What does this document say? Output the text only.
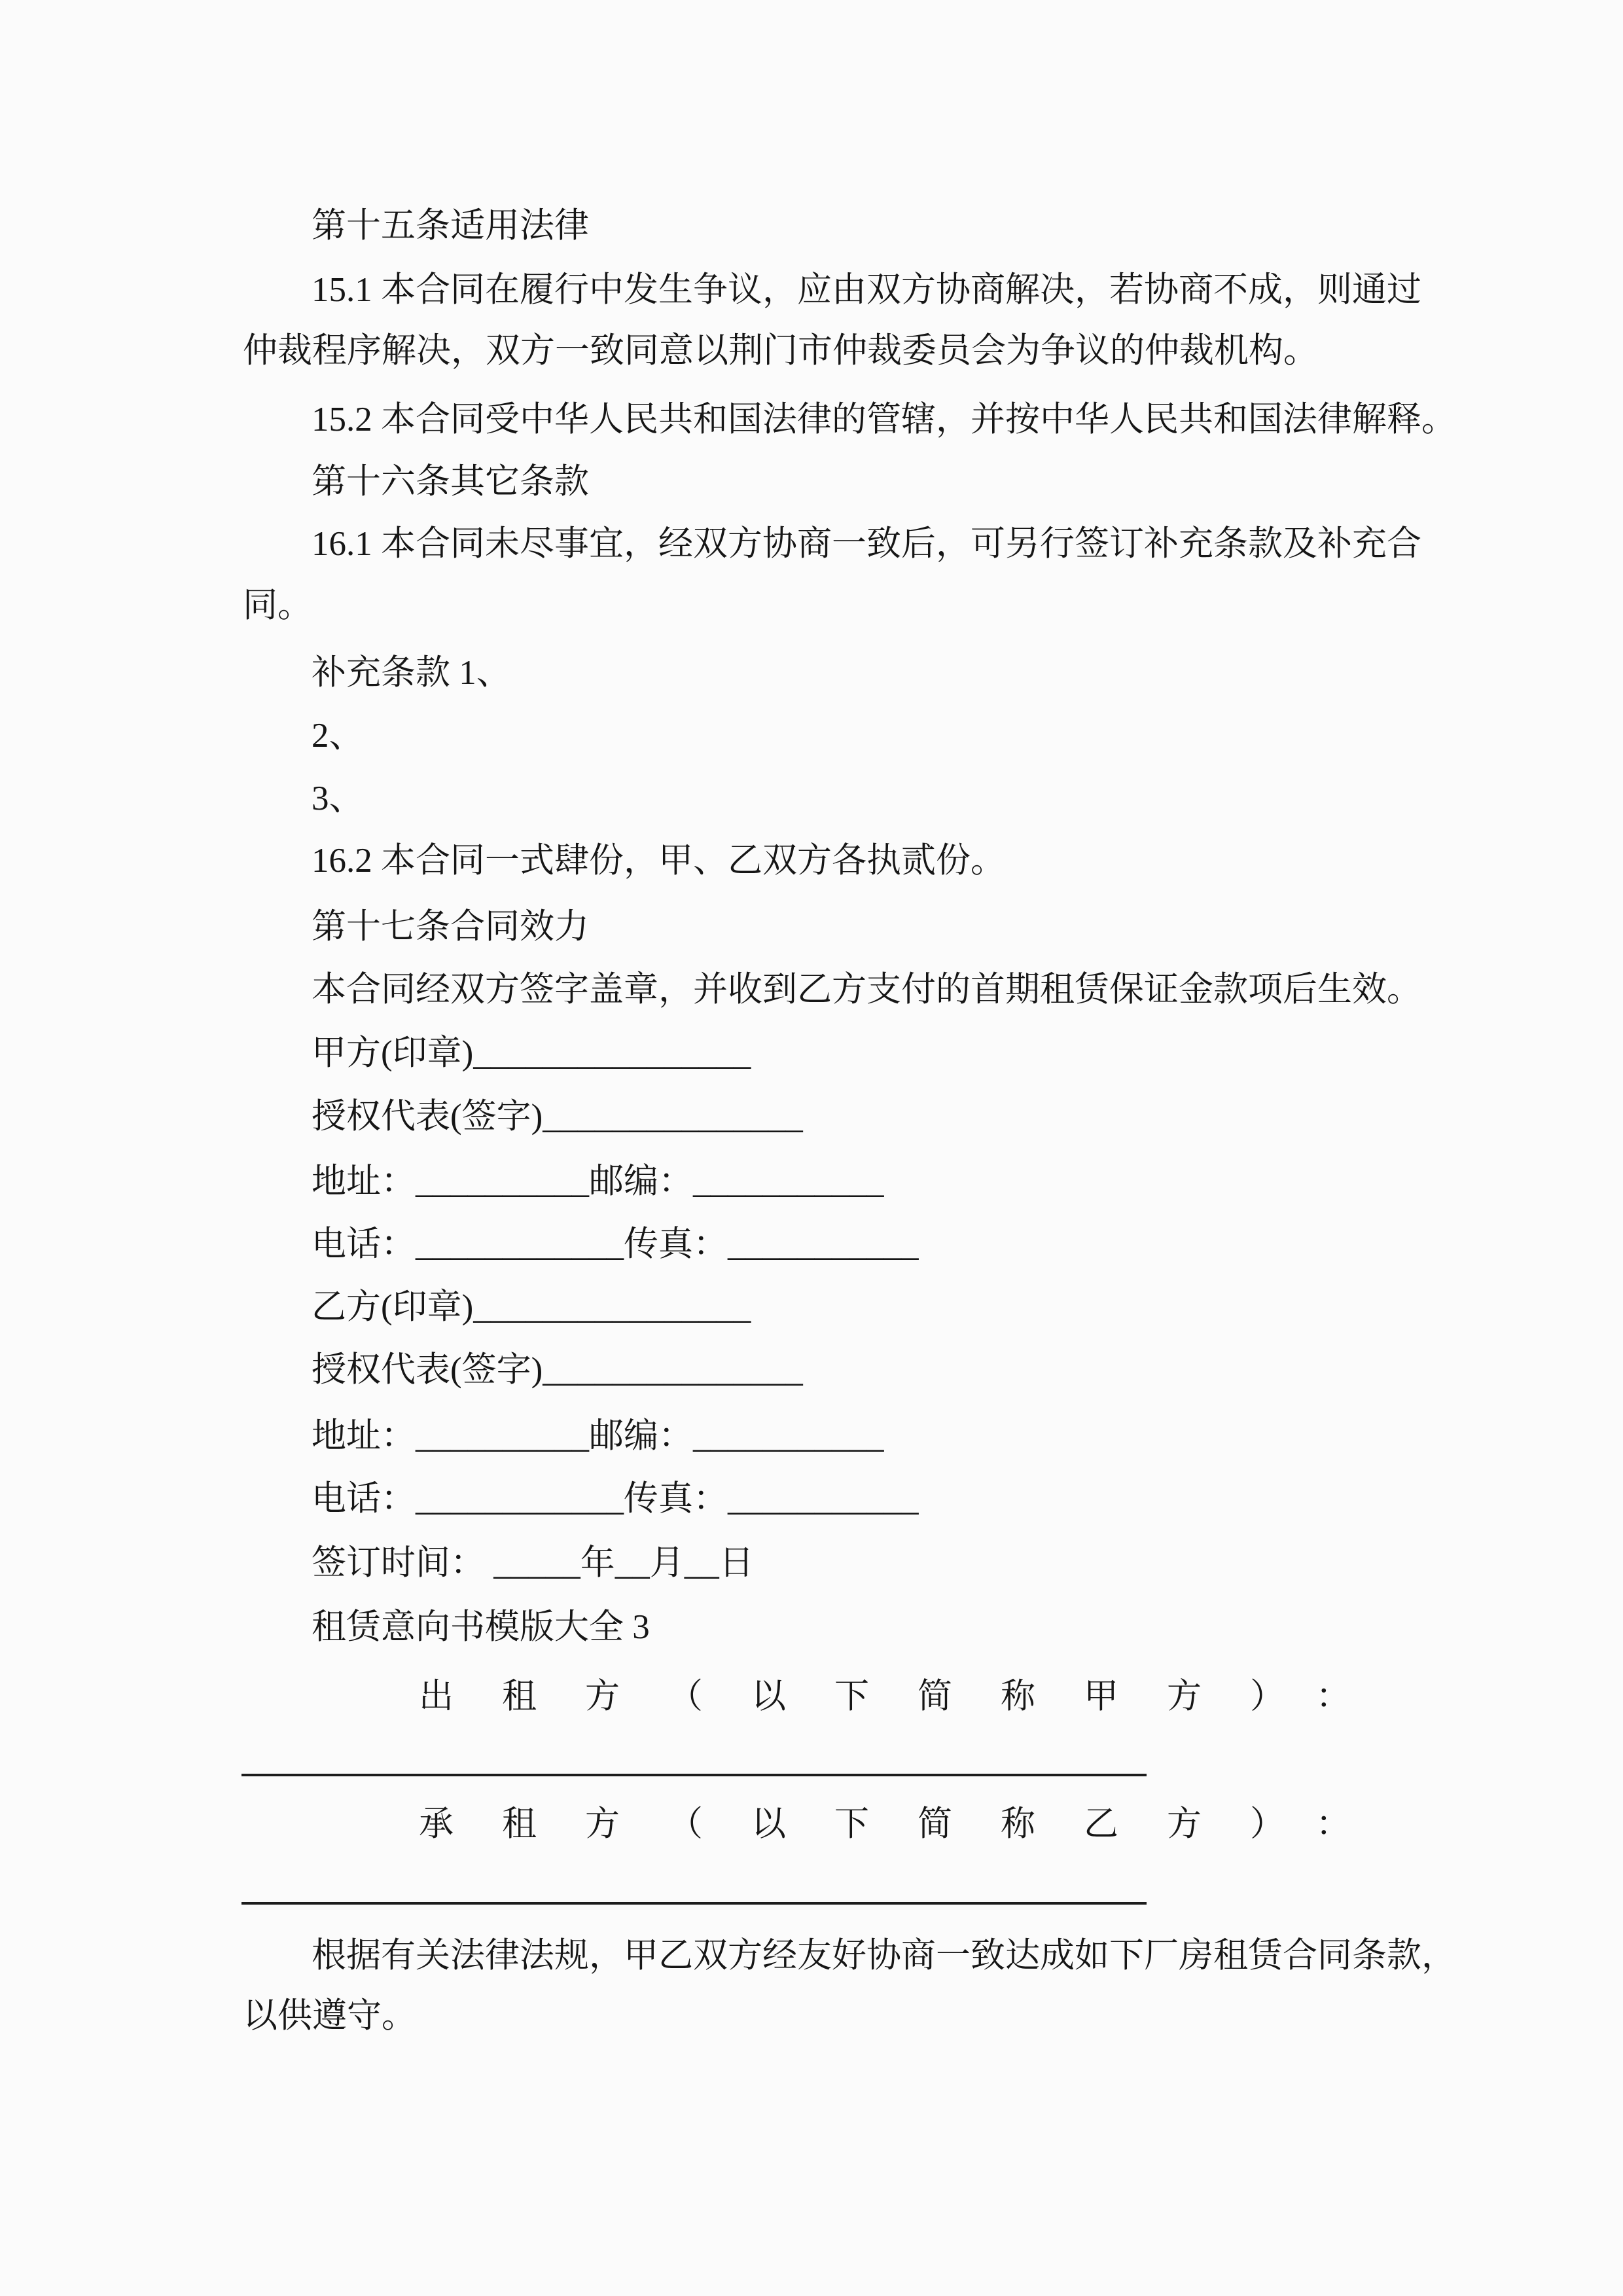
第十五条适用法律
15.1 本合同在履行中发生争议，应由双方协商解决，若协商不成，则通过
仲裁程序解决，双方一致同意以荆门市仲裁委员会为争议的仲裁机构。
15.2 本合同受中华人民共和国法律的管辖，并按中华人民共和国法律解释。
第十六条其它条款
16.1 本合同未尽事宜，经双方协商一致后，可另行签订补充条款及补充合
同。
补充条款 1、
2、
3、
16.2 本合同一式肆份，甲、乙双方各执贰份。
第十七条合同效力
本合同经双方签字盖章，并收到乙方支付的首期租赁保证金款项后生效。
甲方(印章)________________
授权代表(签字)_______________
地址：__________邮编：___________
电话：____________传真：___________
乙方(印章)________________
授权代表(签字)_______________
地址：__________邮编：___________
电话：____________传真：___________
签订时间： _____年__月__日
租赁意向书模版大全 3
出租方（以下简称甲方）：
承租方（以下简称乙方）：
根据有关法律法规，甲乙双方经友好协商一致达成如下厂房租赁合同条款，
以供遵守。
